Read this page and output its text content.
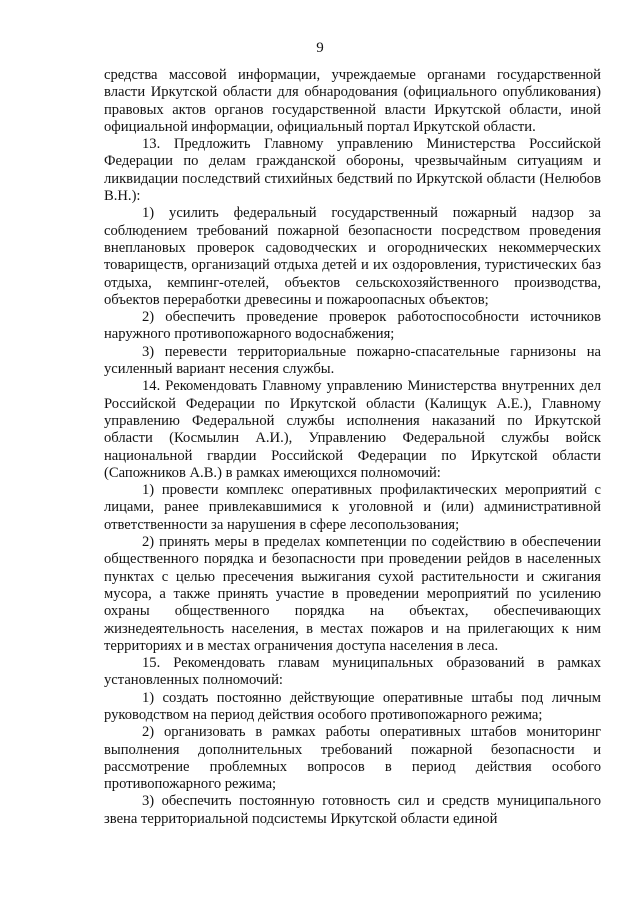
9

средства массовой информации, учреждаемые органами государственной власти Иркутской области для обнародования (официального опубликования) правовых актов органов государственной власти Иркутской области, иной официальной информации, официальный портал Иркутской области.

13. Предложить Главному управлению Министерства Российской Федерации по делам гражданской обороны, чрезвычайным ситуациям и ликвидации последствий стихийных бедствий по Иркутской области (Нелюбов В.Н.):

1) усилить федеральный государственный пожарный надзор за соблюдением требований пожарной безопасности посредством проведения внеплановых проверок садоводческих и огороднических некоммерческих товариществ, организаций отдыха детей и их оздоровления, туристических баз отдыха, кемпинг-отелей, объектов сельскохозяйственного производства, объектов переработки древесины и пожароопасных объектов;

2) обеспечить проведение проверок работоспособности источников наружного противопожарного водоснабжения;

3) перевести территориальные пожарно-спасательные гарнизоны на усиленный вариант несения службы.

14. Рекомендовать Главному управлению Министерства внутренних дел Российской Федерации по Иркутской области (Калищук А.Е.), Главному управлению Федеральной службы исполнения наказаний по Иркутской области (Космылин А.И.), Управлению Федеральной службы войск национальной гвардии Российской Федерации по Иркутской области (Сапожников А.В.) в рамках имеющихся полномочий:

1) провести комплекс оперативных профилактических мероприятий с лицами, ранее привлекавшимися к уголовной и (или) административной ответственности за нарушения в сфере лесопользования;

2) принять меры в пределах компетенции по содействию в обеспечении общественного порядка и безопасности при проведении рейдов в населенных пунктах с целью пресечения выжигания сухой растительности и сжигания мусора, а также принять участие в проведении мероприятий по усилению охраны общественного порядка на объектах, обеспечивающих жизнедеятельность населения, в местах пожаров и на прилегающих к ним территориях и в местах ограничения доступа населения в леса.

15. Рекомендовать главам муниципальных образований в рамках установленных полномочий:

1) создать постоянно действующие оперативные штабы под личным руководством на период действия особого противопожарного режима;

2) организовать в рамках работы оперативных штабов мониторинг выполнения дополнительных требований пожарной безопасности и рассмотрение проблемных вопросов в период действия особого противопожарного режима;

3) обеспечить постоянную готовность сил и средств муниципального звена территориальной подсистемы Иркутской области единой
